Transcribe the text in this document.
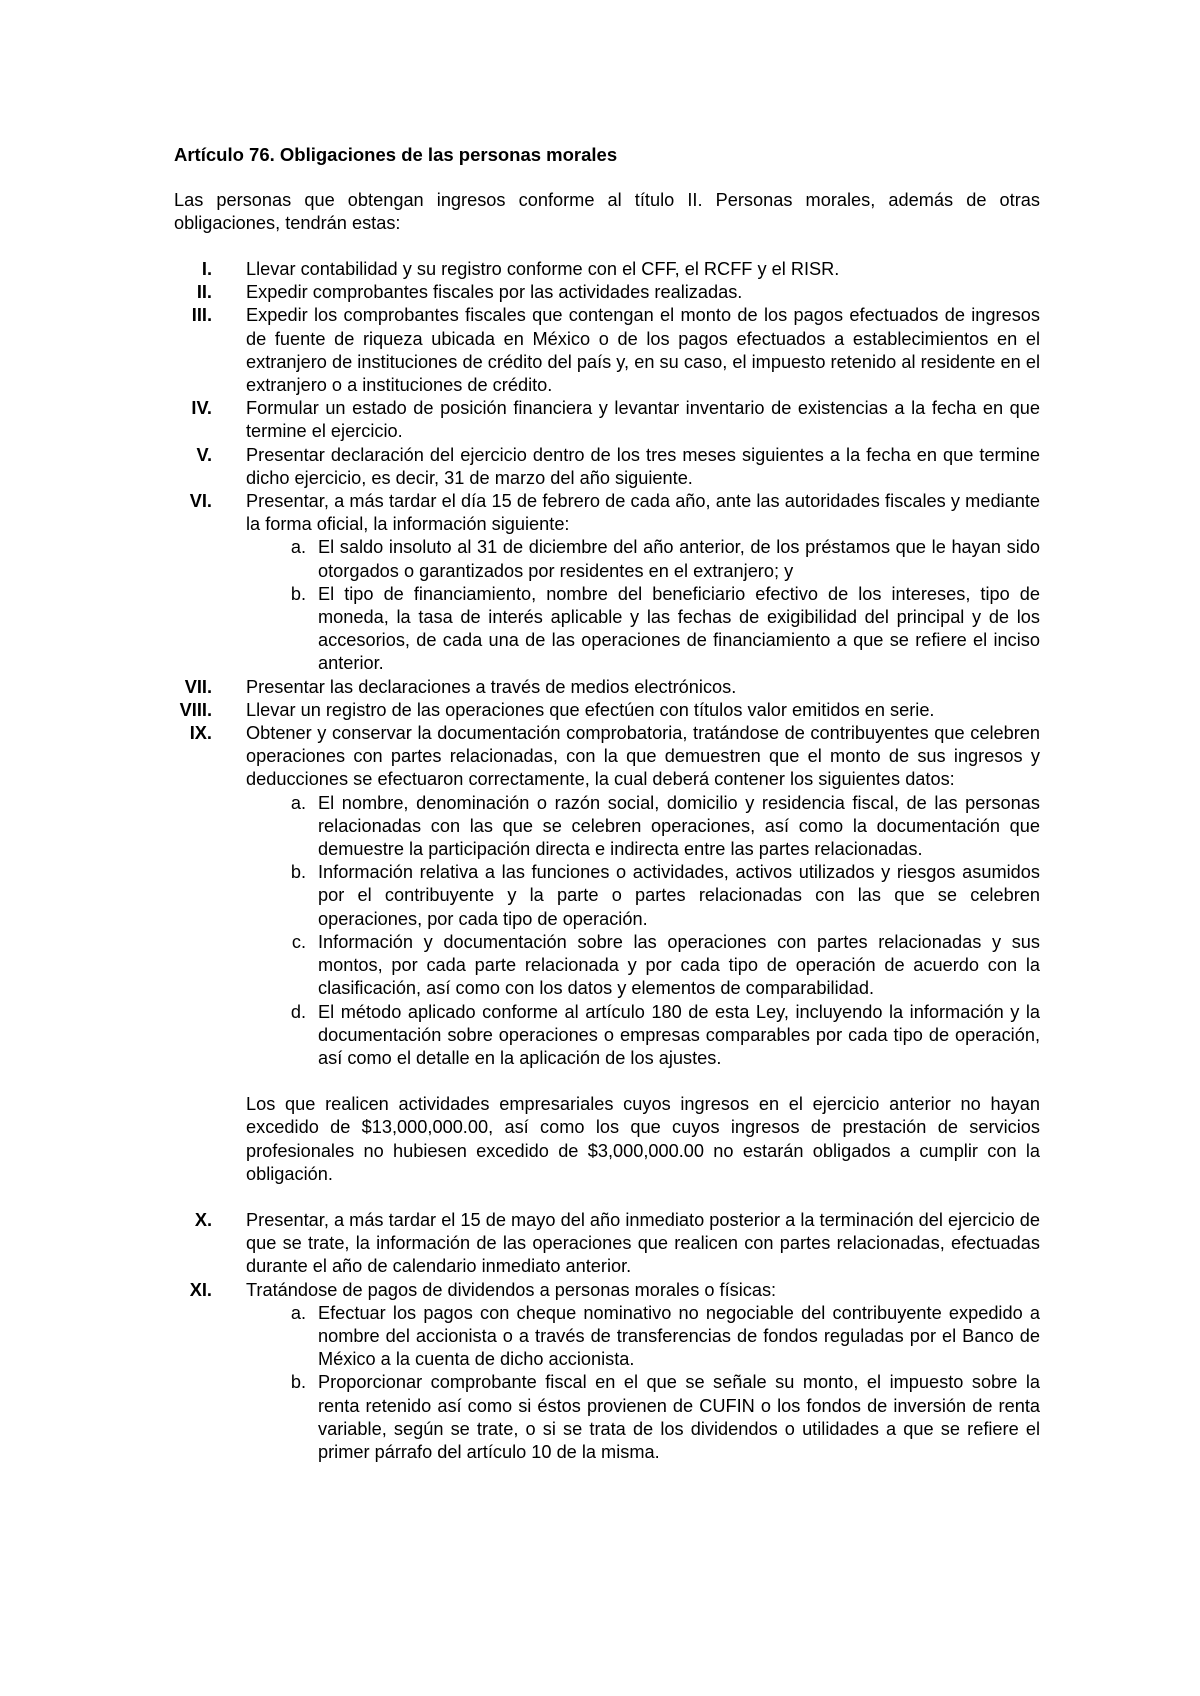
Artículo 76. Obligaciones de las personas morales

Las personas que obtengan ingresos conforme al título II. Personas morales, además de otras obligaciones, tendrán estas:

I. Llevar contabilidad y su registro conforme con el CFF, el RCFF y el RISR.
II. Expedir comprobantes fiscales por las actividades realizadas.
III. Expedir los comprobantes fiscales que contengan el monto de los pagos efectuados de ingresos de fuente de riqueza ubicada en México o de los pagos efectuados a establecimientos en el extranjero de instituciones de crédito del país y, en su caso, el impuesto retenido al residente en el extranjero o a instituciones de crédito.
IV. Formular un estado de posición financiera y levantar inventario de existencias a la fecha en que termine el ejercicio.
V. Presentar declaración del ejercicio dentro de los tres meses siguientes a la fecha en que termine dicho ejercicio, es decir, 31 de marzo del año siguiente.
VI. Presentar, a más tardar el día 15 de febrero de cada año, ante las autoridades fiscales y mediante la forma oficial, la información siguiente:
a. El saldo insoluto al 31 de diciembre del año anterior, de los préstamos que le hayan sido otorgados o garantizados por residentes en el extranjero; y
b. El tipo de financiamiento, nombre del beneficiario efectivo de los intereses, tipo de moneda, la tasa de interés aplicable y las fechas de exigibilidad del principal y de los accesorios, de cada una de las operaciones de financiamiento a que se refiere el inciso anterior.
VII. Presentar las declaraciones a través de medios electrónicos.
VIII. Llevar un registro de las operaciones que efectúen con títulos valor emitidos en serie.
IX. Obtener y conservar la documentación comprobatoria, tratándose de contribuyentes que celebren operaciones con partes relacionadas, con la que demuestren que el monto de sus ingresos y deducciones se efectuaron correctamente, la cual deberá contener los siguientes datos:
a. El nombre, denominación o razón social, domicilio y residencia fiscal, de las personas relacionadas con las que se celebren operaciones, así como la documentación que demuestre la participación directa e indirecta entre las partes relacionadas.
b. Información relativa a las funciones o actividades, activos utilizados y riesgos asumidos por el contribuyente y la parte o partes relacionadas con las que se celebren operaciones, por cada tipo de operación.
c. Información y documentación sobre las operaciones con partes relacionadas y sus montos, por cada parte relacionada y por cada tipo de operación de acuerdo con la clasificación, así como con los datos y elementos de comparabilidad.
d. El método aplicado conforme al artículo 180 de esta Ley, incluyendo la información y la documentación sobre operaciones o empresas comparables por cada tipo de operación, así como el detalle en la aplicación de los ajustes.
Los que realicen actividades empresariales cuyos ingresos en el ejercicio anterior no hayan excedido de $13,000,000.00, así como los que cuyos ingresos de prestación de servicios profesionales no hubiesen excedido de $3,000,000.00 no estarán obligados a cumplir con la obligación.
X. Presentar, a más tardar el 15 de mayo del año inmediato posterior a la terminación del ejercicio de que se trate, la información de las operaciones que realicen con partes relacionadas, efectuadas durante el año de calendario inmediato anterior.
XI. Tratándose de pagos de dividendos a personas morales o físicas:
a. Efectuar los pagos con cheque nominativo no negociable del contribuyente expedido a nombre del accionista o a través de transferencias de fondos reguladas por el Banco de México a la cuenta de dicho accionista.
b. Proporcionar comprobante fiscal en el que se señale su monto, el impuesto sobre la renta retenido así como si éstos provienen de CUFIN o los fondos de inversión de renta variable, según se trate, o si se trata de los dividendos o utilidades a que se refiere el primer párrafo del artículo 10 de la misma.
